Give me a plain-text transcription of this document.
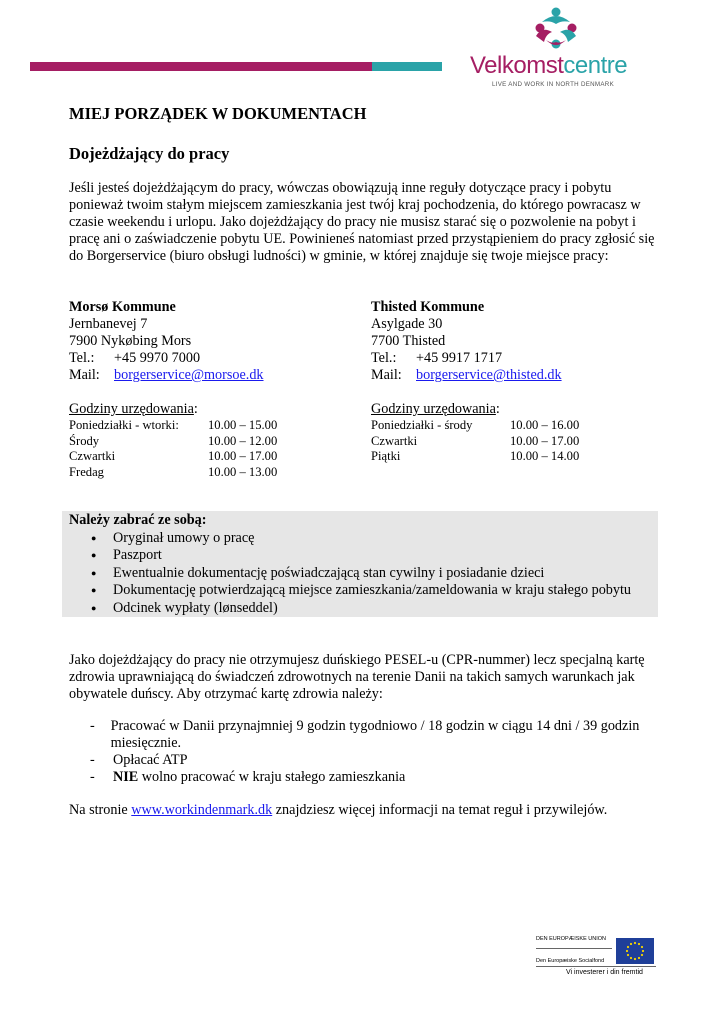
Velkomstcentre
LIVE AND WORK IN NORTH DENMARK
MIEJ PORZĄDEK W DOKUMENTACH
Dojeżdżający do pracy
Jeśli jesteś dojeżdżającym do pracy, wówczas obowiązują inne reguły dotyczące pracy i pobytu ponieważ twoim stałym miejscem zamieszkania jest twój kraj pochodzenia, do którego powracasz w czasie weekendu i urlopu. Jako dojeżdżający do pracy nie musisz starać się o pozwolenie na pobyt i pracę ani o zaświadczenie pobytu UE. Powinieneś natomiast przed przystąpieniem do pracy zgłosić się do Borgerservice (biuro obsługi ludności) w gminie, w której znajduje się twoje miejsce pracy:
Morsø Kommune
Jernbanevej 7
7900 Nykøbing Mors
Tel.:	+45 9970 7000
Mail:	borgerservice@morsoe.dk
Godziny urzędowania:
Poniedziałki - wtorki:	10.00 – 15.00
Środy	10.00 – 12.00
Czwartki	10.00 – 17.00
Fredag	10.00 – 13.00
Thisted Kommune
Asylgade 30
7700 Thisted
Tel.:	+45 9917 1717
Mail:	borgerservice@thisted.dk
Godziny urzędowania:
Poniedziałki - środy	10.00 – 16.00
Czwartki	10.00 – 17.00
Piątki	10.00 – 14.00
Należy zabrać ze sobą:
● Oryginał umowy o pracę
● Paszport
● Ewentualnie dokumentację poświadczającą stan cywilny i posiadanie dzieci
● Dokumentację potwierdzającą miejsce zamieszkania/zameldowania w kraju stałego pobytu
● Odcinek wypłaty (lønseddel)
Jako dojeżdżający do pracy nie otrzymujesz duńskiego PESEL-u (CPR-nummer) lecz specjalną kartę zdrowia uprawniającą do świadczeń zdrowotnych na terenie Danii na takich samych warunkach jak obywatele duńscy. Aby otrzymać kartę zdrowia należy:
-	Pracować w Danii przynajmniej 9 godzin tygodniowo / 18 godzin w ciągu 14 dni / 39 godzin miesięcznie.
-	Opłacać ATP
-	NIE wolno pracować w kraju stałego zamieszkania
Na stronie www.workindenmark.dk znajdziesz więcej informacji na temat reguł i przywilejów.
DEN EUROPÆISKE UNION
Den Europæiske Socialfond
Vi investerer i din fremtid
